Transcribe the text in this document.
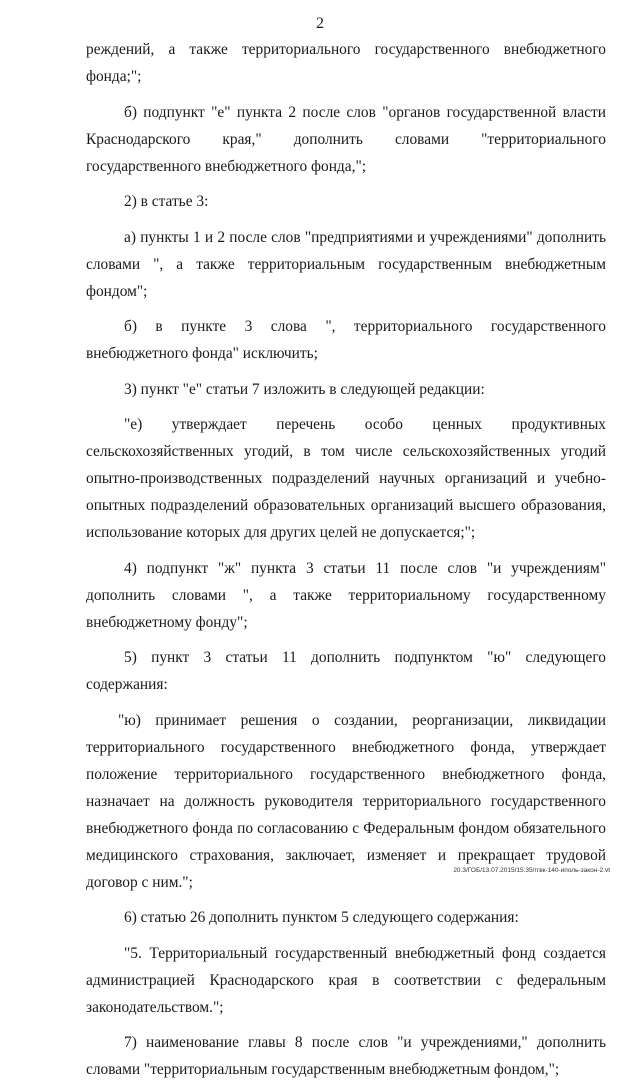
2

реждений, а также территориального государственного внебюджетного фонда;";

б) подпункт "е" пункта 2 после слов "органов государственной власти Краснодарского края," дополнить словами "территориального государственного внебюджетного фонда,";

2) в статье 3:

а) пункты 1 и 2 после слов "предприятиями и учреждениями" дополнить словами ", а также территориальным государственным внебюджетным фондом";

б) в пункте 3 слова ", территориального государственного внебюджетного фонда" исключить;

3) пункт "е" статьи 7 изложить в следующей редакции:

"е) утверждает перечень особо ценных продуктивных сельскохозяйственных угодий, в том числе сельскохозяйственных угодий опытно-производственных подразделений научных организаций и учебно-опытных подразделений образовательных организаций высшего образования, использование которых для других целей не допускается;";

4) подпункт "ж" пункта 3 статьи 11 после слов "и учреждениям" дополнить словами ", а также территориальному государственному внебюджетному фонду";

5) пункт 3 статьи 11 дополнить подпунктом "ю" следующего содержания:

"ю) принимает решения о создании, реорганизации, ликвидации территориального государственного внебюджетного фонда, утверждает положение территориального государственного внебюджетного фонда, назначает на должность руководителя территориального государственного внебюджетного фонда по согласованию с Федеральным фондом обязательного медицинского страхования, заключает, изменяет и прекращает трудовой договор с ним.";

6) статью 26 дополнить пунктом 5 следующего содержания:

"5. Территориальный государственный внебюджетный фонд создается администрацией Краснодарского края в соответствии с федеральным законодательством.";

7) наименование главы 8 после слов "и учреждениями," дополнить словами "территориальным государственным внебюджетным фондом,";

20.3/ГОБ/13.07.2015/15:35/ггвк-140-иполь-закон-2.vt
